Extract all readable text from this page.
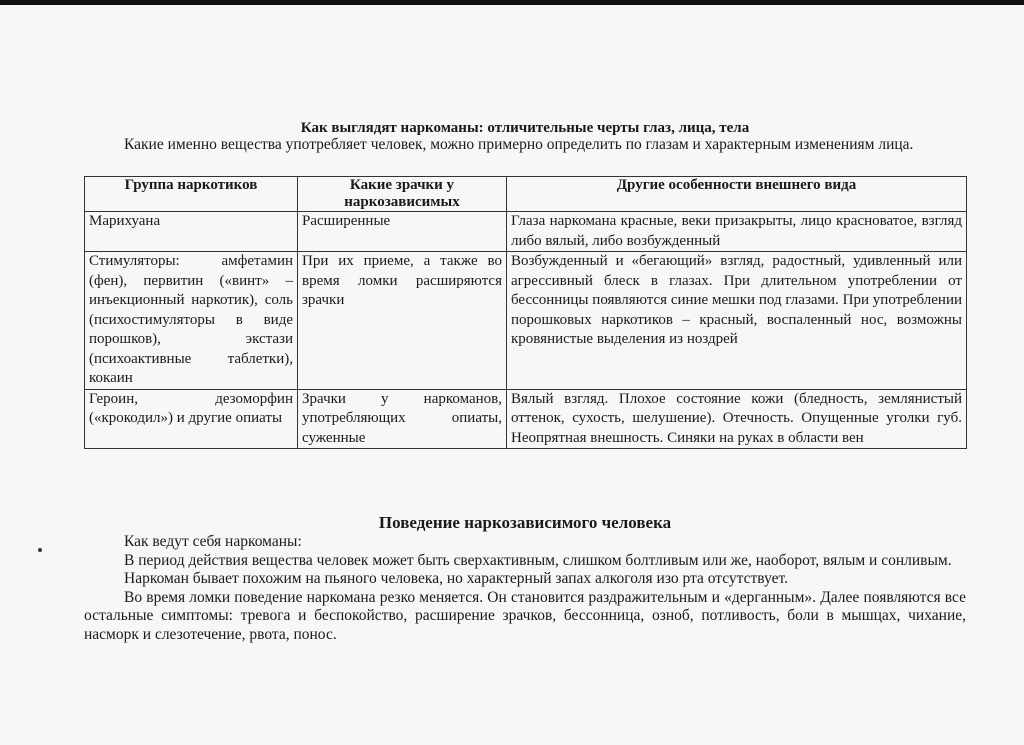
Как выглядят наркоманы: отличительные черты глаз, лица, тела
Какие именно вещества употребляет человек, можно примерно определить по глазам и характерным изменениям лица.
Группа наркотиков	Какие зрачки у наркозависимых	Другие особенности внешнего вида
Марихуана	Расширенные	Глаза наркомана красные, веки призакрыты, лицо красноватое, взгляд либо вялый, либо возбужденный
Стимуляторы: амфетамин (фен), первитин («винт» – инъекционный наркотик), соль (психостимуляторы в виде порошков), экстази (психоактивные таблетки), кокаин	При их приеме, а также во время ломки расширяются зрачки	Возбужденный и «бегающий» взгляд, радостный, удивленный или агрессивный блеск в глазах. При длительном употреблении от бессонницы появляются синие мешки под глазами. При употреблении порошковых наркотиков – красный, воспаленный нос, возможны кровянистые выделения из ноздрей
Героин, дезоморфин («крокодил») и другие опиаты	Зрачки у наркоманов, употребляющих опиаты, суженные	Вялый взгляд. Плохое состояние кожи (бледность, землянистый оттенок, сухость, шелушение). Отечность. Опущенные уголки губ. Неопрятная внешность. Синяки на руках в области вен
Поведение наркозависимого человека

Как ведут себя наркоманы:

В период действия вещества человек может быть сверхактивным, слишком болтливым или же, наоборот, вялым и сонливым.

Наркоман бывает похожим на пьяного человека, но характерный запах алкоголя изо рта отсутствует.

Во время ломки поведение наркомана резко меняется. Он становится раздражительным и «дерганным». Далее появляются все остальные симптомы: тревога и беспокойство, расширение зрачков, бессонница, озноб, потливость, боли в мышцах, чихание, насморк и слезотечение, рвота, понос.
